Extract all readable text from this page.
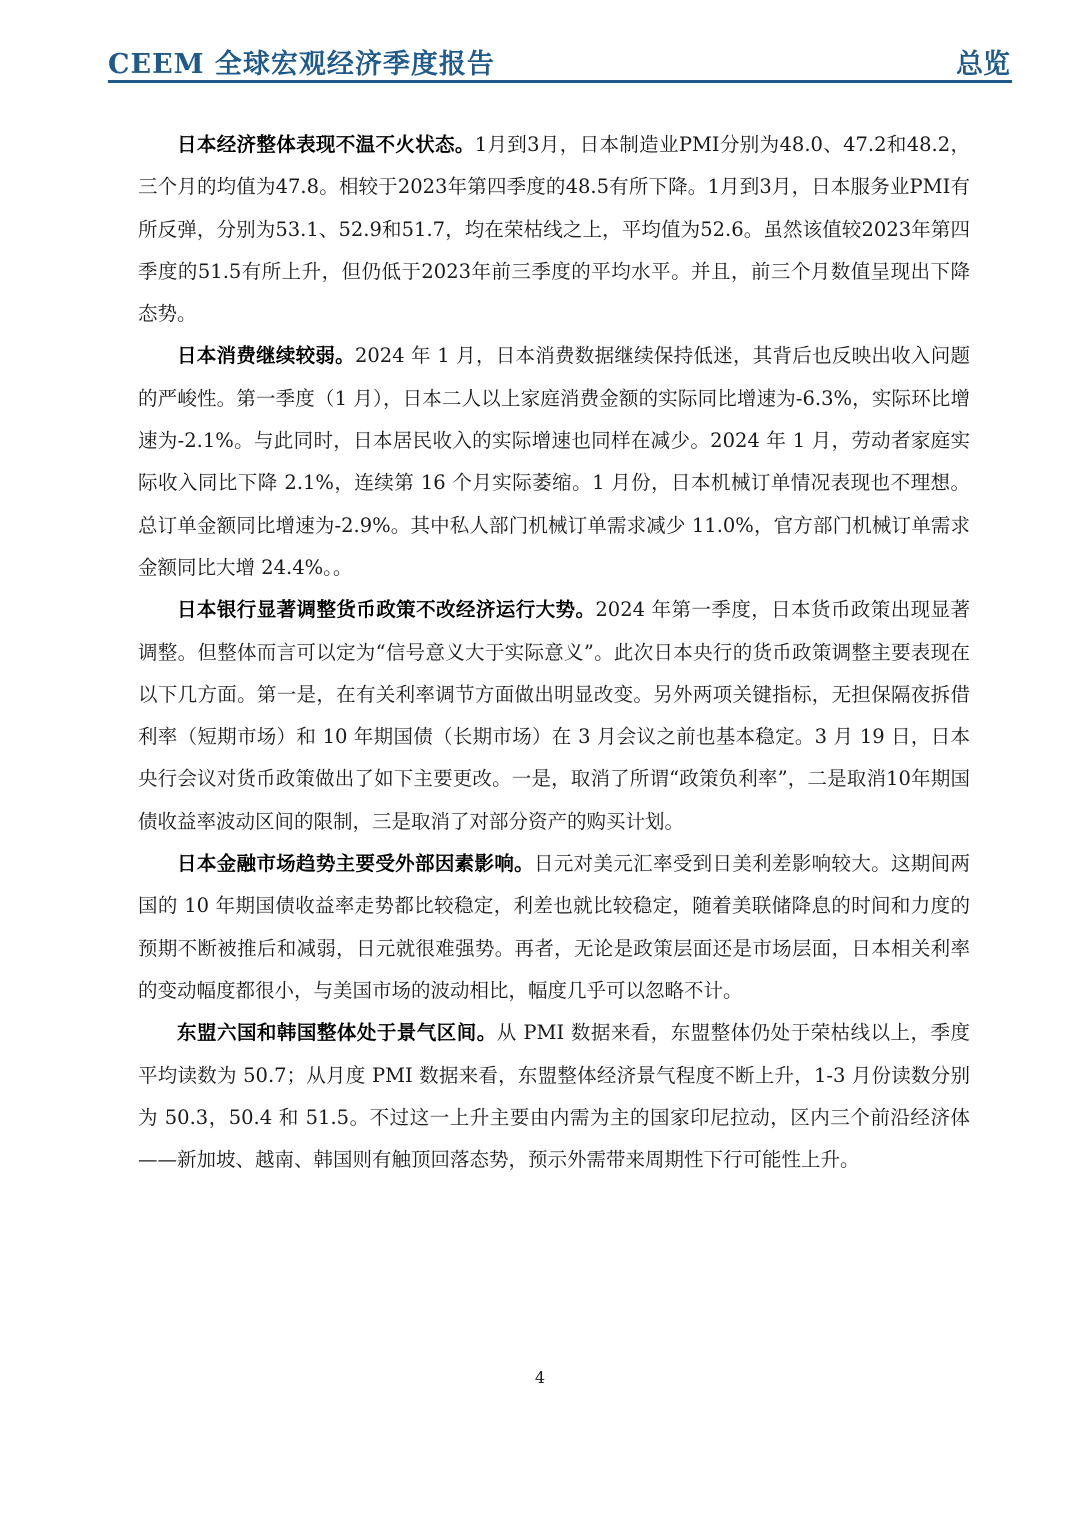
CEEM 全球宏观经济季度报告	总览

日本经济整体表现不温不火状态。1月到3月，日本制造业PMI分别为48.0、47.2和48.2，三个月的均值为47.8。相较于2023年第四季度的48.5有所下降。1月到3月，日本服务业PMI有所反弹，分别为53.1、52.9和51.7，均在荣枯线之上，平均值为52.6。虽然该值较2023年第四季度的51.5有所上升，但仍低于2023年前三季度的平均水平。并且，前三个月数值呈现出下降态势。

日本消费继续较弱。2024 年 1 月，日本消费数据继续保持低迷，其背后也反映出收入问题的严峻性。第一季度（1 月），日本二人以上家庭消费金额的实际同比增速为-6.3%，实际环比增速为-2.1%。与此同时，日本居民收入的实际增速也同样在减少。2024 年 1 月，劳动者家庭实际收入同比下降 2.1%，连续第 16 个月实际萎缩。1 月份，日本机械订单情况表现也不理想。总订单金额同比增速为-2.9%。其中私人部门机械订单需求减少 11.0%，官方部门机械订单需求金额同比大增 24.4%。。

日本银行显著调整货币政策不改经济运行大势。2024 年第一季度，日本货币政策出现显著调整。但整体而言可以定为“信号意义大于实际意义”。此次日本央行的货币政策调整主要表现在以下几方面。第一是，在有关利率调节方面做出明显改变。另外两项关键指标，无担保隔夜拆借利率（短期市场）和 10 年期国债（长期市场）在 3 月会议之前也基本稳定。3 月 19 日，日本央行会议对货币政策做出了如下主要更改。一是，取消了所谓“政策负利率”，二是取消10年期国债收益率波动区间的限制，三是取消了对部分资产的购买计划。

日本金融市场趋势主要受外部因素影响。日元对美元汇率受到日美利差影响较大。这期间两国的 10 年期国债收益率走势都比较稳定，利差也就比较稳定，随着美联储降息的时间和力度的预期不断被推后和减弱，日元就很难强势。再者，无论是政策层面还是市场层面，日本相关利率的变动幅度都很小，与美国市场的波动相比，幅度几乎可以忽略不计。

东盟六国和韩国整体处于景气区间。从 PMI 数据来看，东盟整体仍处于荣枯线以上，季度平均读数为 50.7；从月度 PMI 数据来看，东盟整体经济景气程度不断上升，1-3 月份读数分别为 50.3，50.4 和 51.5。不过这一上升主要由内需为主的国家印尼拉动，区内三个前沿经济体——新加坡、越南、韩国则有触顶回落态势，预示外需带来周期性下行可能性上升。

4
